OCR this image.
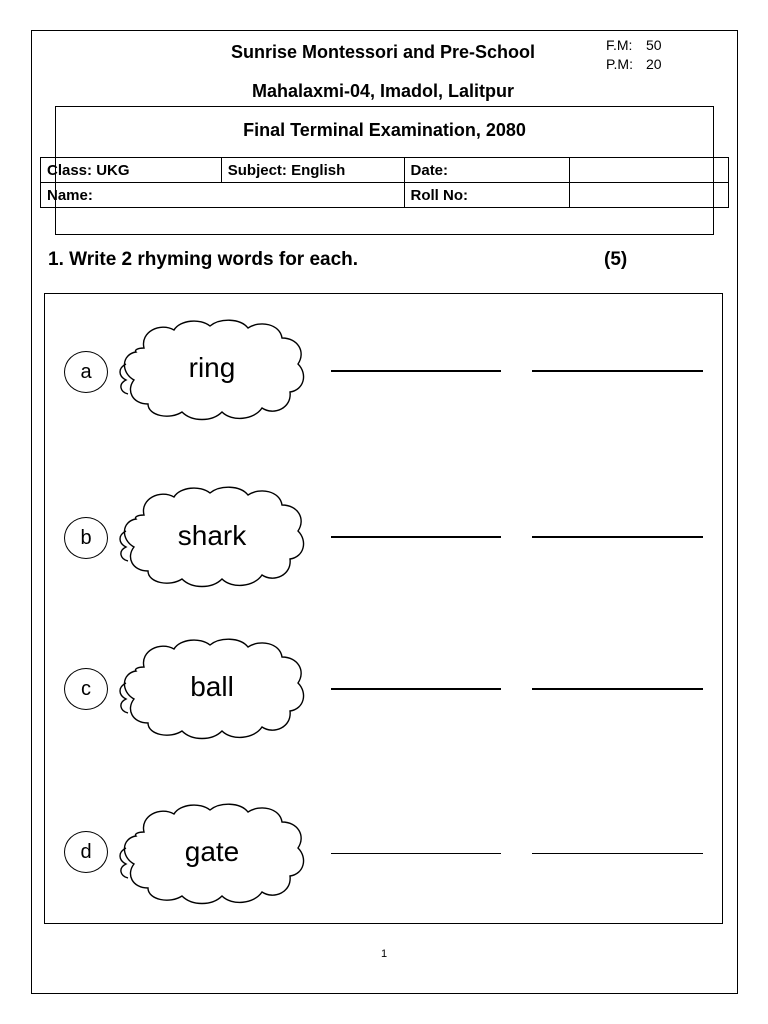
Sunrise Montessori and Pre-School
Mahalaxmi-04, Imadol, Lalitpur
F.M: 50
P.M: 20
Final Terminal Examination, 2080
Class: UKG	Subject: English	Date:	
Name:		Roll No:	
1. Write 2 rhyming words for each.	(5)
a	ring
b	shark
c	ball
d	gate
1
